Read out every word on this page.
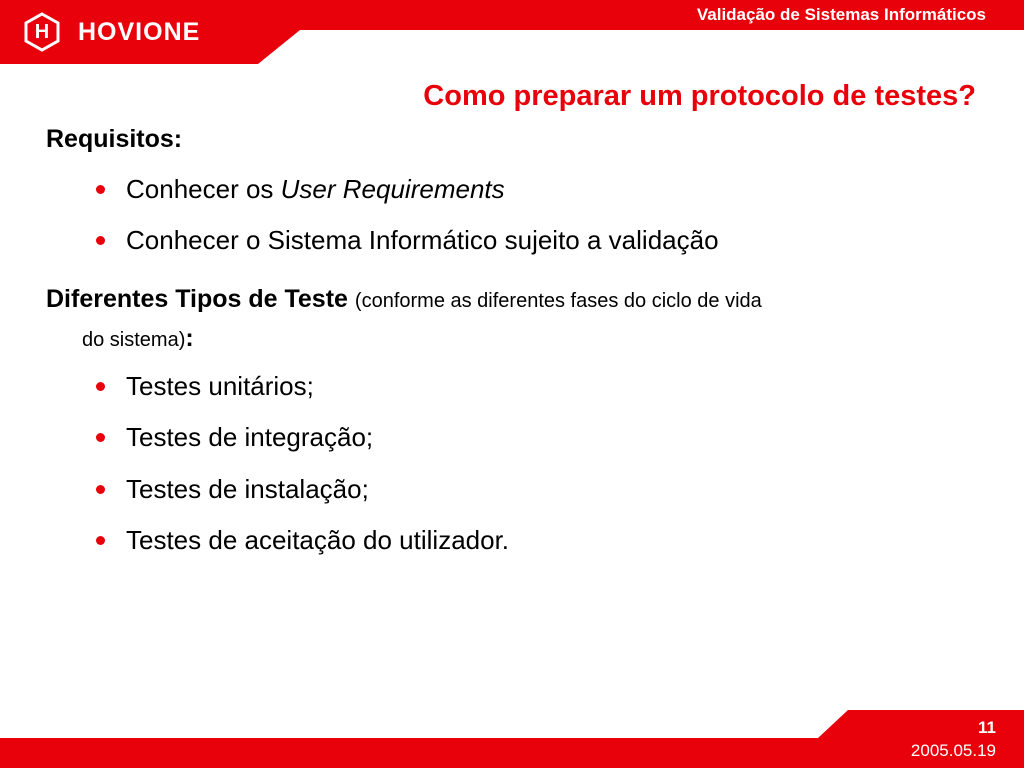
H	HOVIONE
Validação de Sistemas Informáticos
Como preparar um protocolo de testes?
Requisitos:
Conhecer os User Requirements
Conhecer o Sistema Informático sujeito a validação
Diferentes Tipos de Teste (conforme as diferentes fases do ciclo de vida
do sistema):
Testes unitários;
Testes de integração;
Testes de instalação;
Testes de aceitação do utilizador.
11
2005.05.19
